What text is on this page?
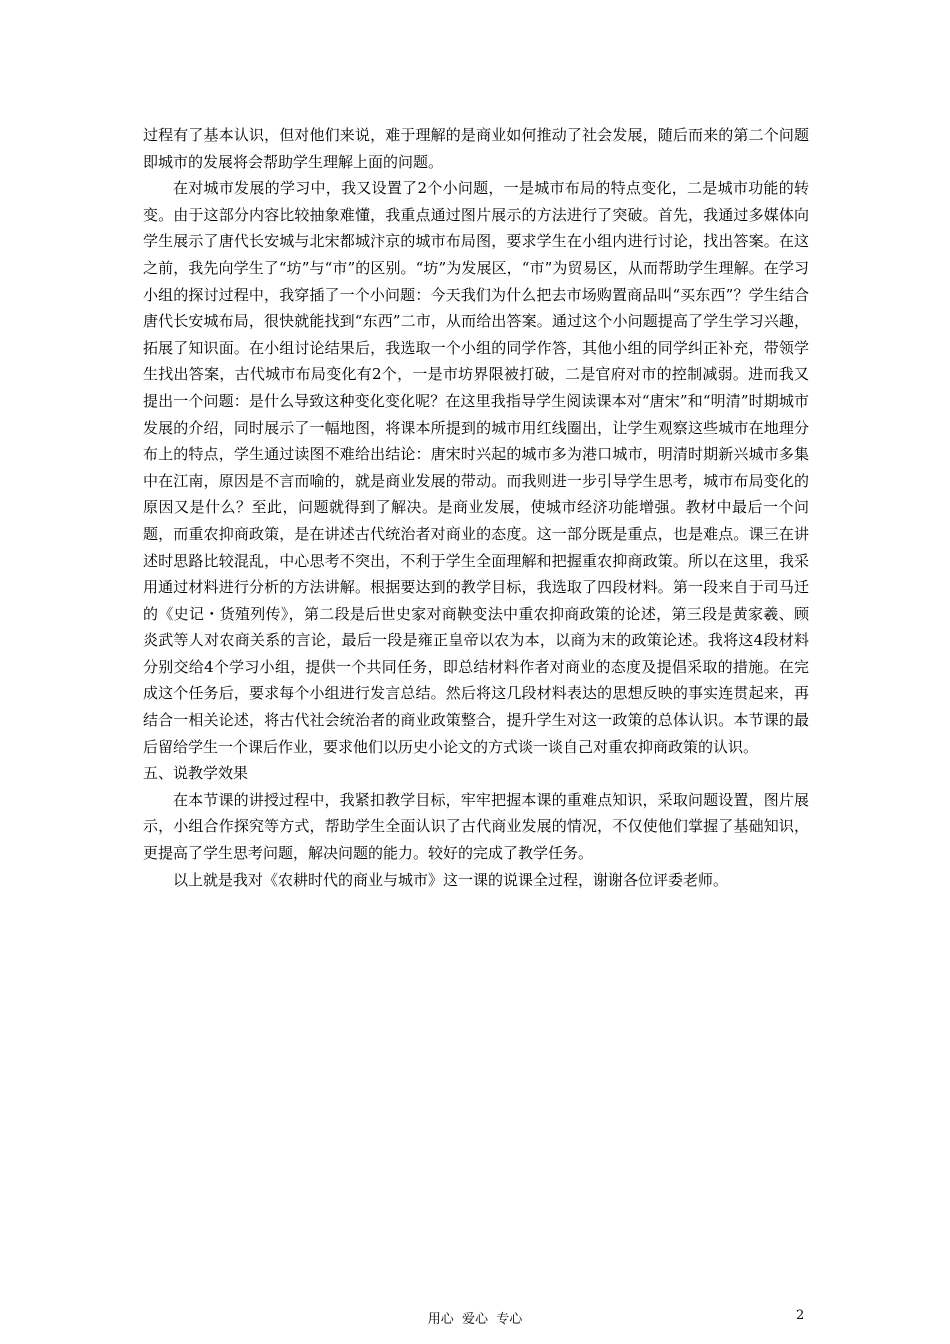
过程有了基本认识，但对他们来说，难于理解的是商业如何推动了社会发展，随后而来的第二个问题即城市的发展将会帮助学生理解上面的问题。

在对城市发展的学习中，我又设置了2个小问题，一是城市布局的特点变化，二是城市功能的转变。由于这部分内容比较抽象难懂，我重点通过图片展示的方法进行了突破。首先，我通过多媒体向学生展示了唐代长安城与北宋都城汴京的城市布局图，要求学生在小组内进行讨论，找出答案。在这之前，我先向学生了“坊”与“市”的区别。“坊”为发展区，“市”为贸易区，从而帮助学生理解。在学习小组的探讨过程中，我穿插了一个小问题：今天我们为什么把去市场购置商品叫“买东西”？学生结合唐代长安城布局，很快就能找到“东西”二市，从而给出答案。通过这个小问题提高了学生学习兴趣，拓展了知识面。在小组讨论结果后，我选取一个小组的同学作答，其他小组的同学纠正补充，带领学生找出答案，古代城市布局变化有2个，一是市坊界限被打破，二是官府对市的控制减弱。进而我又提出一个问题：是什么导致这种变化变化呢？在这里我指导学生阅读课本对“唐宋”和“明清”时期城市发展的介绍，同时展示了一幅地图，将课本所提到的城市用红线圈出，让学生观察这些城市在地理分布上的特点，学生通过读图不难给出结论：唐宋时兴起的城市多为港口城市，明清时期新兴城市多集中在江南，原因是不言而喻的，就是商业发展的带动。而我则进一步引导学生思考，城市布局变化的原因又是什么？至此，问题就得到了解决。是商业发展，使城市经济功能增强。教材中最后一个问题，而重农抑商政策，是在讲述古代统治者对商业的态度。这一部分既是重点，也是难点。课三在讲述时思路比较混乱，中心思考不突出，不利于学生全面理解和把握重农抑商政策。所以在这里，我采用通过材料进行分析的方法讲解。根据要达到的教学目标，我选取了四段材料。第一段来自于司马迁的《史记・货殖列传》，第二段是后世史家对商鞅变法中重农抑商政策的论述，第三段是黄家羲、顾炎武等人对农商关系的言论，最后一段是雍正皇帝以农为本，以商为末的政策论述。我将这4段材料分别交给4个学习小组，提供一个共同任务，即总结材料作者对商业的态度及提倡采取的措施。在完成这个任务后，要求每个小组进行发言总结。然后将这几段材料表达的思想反映的事实连贯起来，再结合一相关论述，将古代社会统治者的商业政策整合，提升学生对这一政策的总体认识。本节课的最后留给学生一个课后作业，要求他们以历史小论文的方式谈一谈自己对重农抑商政策的认识。

五、说教学效果

在本节课的讲授过程中，我紧扣教学目标，牢牢把握本课的重难点知识，采取问题设置，图片展示，小组合作探究等方式，帮助学生全面认识了古代商业发展的情况，不仅使他们掌握了基础知识，更提高了学生思考问题，解决问题的能力。较好的完成了教学任务。

以上就是我对《农耕时代的商业与城市》这一课的说课全过程，谢谢各位评委老师。

用心  爱心  专心	2
